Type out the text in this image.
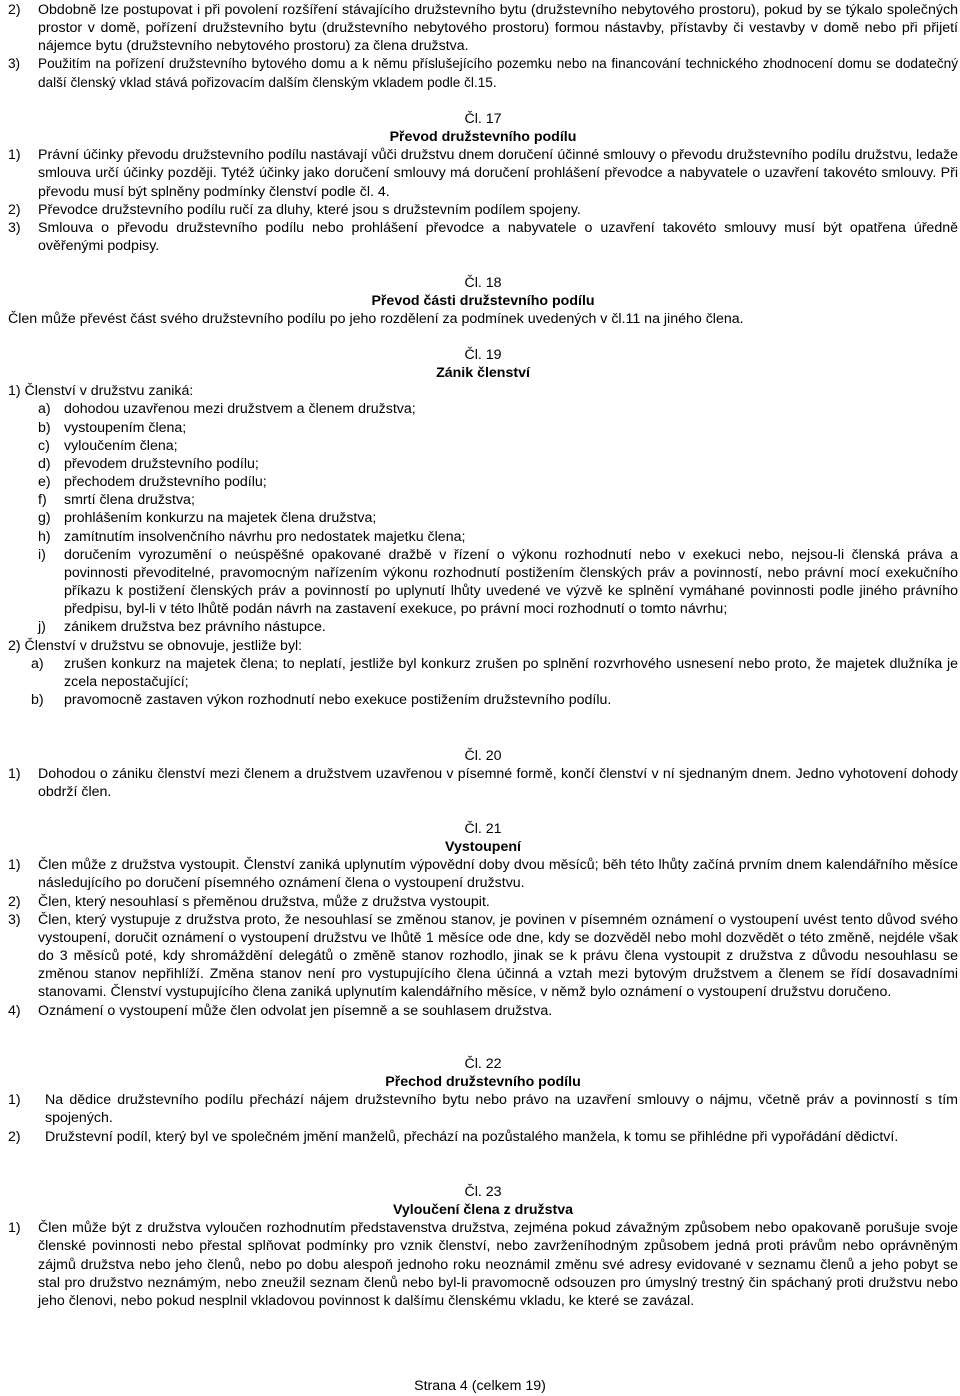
2) Obdobně lze postupovat i při povolení rozšíření stávajícího družstevního bytu (družstevního nebytového prostoru), pokud by se týkalo společných prostor v domě, pořízení družstevního bytu (družstevního nebytového prostoru) formou nástavby, přístavby či vestavby v domě nebo při přijetí nájemce bytu (družstevního nebytového prostoru) za člena družstva.
3) Použitím na pořízení družstevního bytového domu a k němu příslušejícího pozemku nebo na financování technického zhodnocení domu se dodatečný další členský vklad stává pořizovacím dalším členským vkladem podle čl.15.
Čl. 17
Převod družstevního podílu
1) Právní účinky převodu družstevního podílu nastávají vůči družstvu dnem doručení účinné smlouvy o převodu družstevního podílu družstvu, ledaže smlouva určí účinky později. Tytéž účinky jako doručení smlouvy má doručení prohlášení převodce a nabyvatele o uzavření takovéto smlouvy. Při převodu musí být splněny podmínky členství podle čl. 4.
2) Převodce družstevního podílu ručí za dluhy, které jsou s družstevním podílem spojeny.
3) Smlouva o převodu družstevního podílu nebo prohlášení převodce a nabyvatele o uzavření takovéto smlouvy musí být opatřena úředně ověřenými podpisy.
Čl. 18
Převod části družstevního podílu
Člen může převést část svého družstevního podílu po jeho rozdělení za podmínek uvedených v čl.11 na jiného člena.
Čl. 19
Zánik členství
1) Členství v družstvu zaniká:
a) dohodou uzavřenou mezi družstvem a členem družstva;
b) vystoupením člena;
c) vyloučením člena;
d) převodem družstevního podílu;
e) přechodem družstevního podílu;
f) smrtí člena družstva;
g) prohlášením konkurzu na majetek člena družstva;
h) zamítnutím insolvenčního návrhu pro nedostatek majetku člena;
i) doručením vyrozumění o neúspěšné opakované dražbě v řízení o výkonu rozhodnutí nebo v exekuci nebo, nejsou-li členská práva a povinnosti převoditelné, pravomocným nařízením výkonu rozhodnutí postižením členských práv a povinností, nebo právní mocí exekučního příkazu k postižení členských práv a povinností po uplynutí lhůty uvedené ve výzvě ke splnění vymáhané povinnosti podle jiného právního předpisu, byl-li v této lhůtě podán návrh na zastavení exekuce, po právní moci rozhodnutí o tomto návrhu;
j) zánikem družstva bez právního nástupce.
2) Členství v družstvu se obnovuje, jestliže byl:
a) zrušen konkurz na majetek člena; to neplatí, jestliže byl konkurz zrušen po splnění rozvrhového usnesení nebo proto, že majetek dlužníka je zcela nepostačující;
b) pravomocně zastaven výkon rozhodnutí nebo exekuce postižením družstevního podílu.
Čl. 20
1) Dohodou o zániku členství mezi členem a družstvem uzavřenou v písemné formě, končí členství v ní sjednaným dnem. Jedno vyhotovení dohody obdrží člen.
Čl. 21
Vystoupení
1) Člen může z družstva vystoupit. Členství zaniká uplynutím výpovědní doby dvou měsíců; běh této lhůty začíná prvním dnem kalendářního měsíce následujícího po doručení písemného oznámení člena o vystoupení družstvu.
2) Člen, který nesouhlasí s přeměnou družstva, může z družstva vystoupit.
3) Člen, který vystupuje z družstva proto, že nesouhlasí se změnou stanov, je povinen v písemném oznámení o vystoupení uvést tento důvod svého vystoupení, doručit oznámení o vystoupení družstvu ve lhůtě 1 měsíce ode dne, kdy se dozvěděl nebo mohl dozvědět o této změně, nejdéle však do 3 měsíců poté, kdy shromáždění delegátů o změně stanov rozhodlo, jinak se k právu člena vystoupit z družstva z důvodu nesouhlasu se změnou stanov nepřihlíží. Změna stanov není pro vystupujícího člena účinná a vztah mezi bytovým družstvem a členem se řídí dosavadními stanovami. Členství vystupujícího člena zaniká uplynutím kalendářního měsíce, v němž bylo oznámení o vystoupení družstvu doručeno.
4) Oznámení o vystoupení může člen odvolat jen písemně a se souhlasem družstva.
Čl. 22
Přechod družstevního podílu
1) Na dědice družstevního podílu přechází nájem družstevního bytu nebo právo na uzavření smlouvy o nájmu, včetně práv a povinností s tím spojených.
2) Družstevní podíl, který byl ve společném jmění manželů, přechází na pozůstalého manžela, k tomu se přihlédne při vypořádání dědictví.
Čl. 23
Vyloučení člena z družstva
1) Člen může být z družstva vyloučen rozhodnutím představenstva družstva, zejména pokud závažným způsobem nebo opakovaně porušuje svoje členské povinnosti nebo přestal splňovat podmínky pro vznik členství, nebo zavrženíhodným způsobem jedná proti právům nebo oprávněným zájmů družstva nebo jeho členů, nebo po dobu alespoň jednoho roku neoznámil změnu své adresy evidované v seznamu členů a jeho pobyt se stal pro družstvo neznámým, nebo zneužil seznam členů nebo byl-li pravomocně odsouzen pro úmyslný trestný čin spáchaný proti družstvu nebo jeho členovi, nebo pokud nesplnil vkladovou povinnost k dalšímu členskému vkladu, ke které se zavázal.
Strana 4 (celkem 19)
